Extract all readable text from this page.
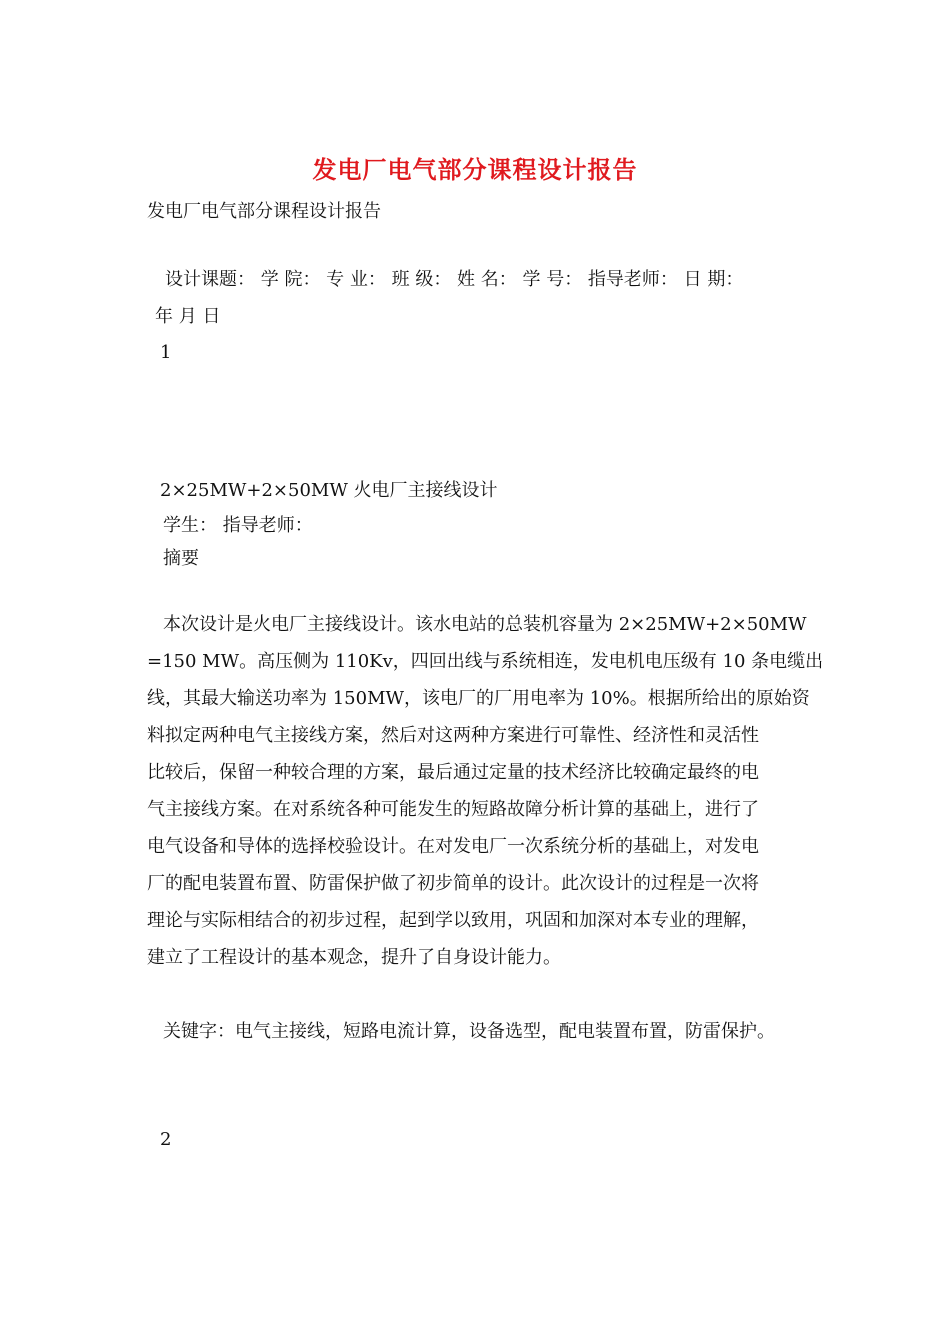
发电厂电气部分课程设计报告

发电厂电气部分课程设计报告

设计课题： 学 院： 专 业： 班 级： 姓 名： 学 号： 指导老师： 日 期：

年 月 日

1

2×25MW+2×50MW 火电厂主接线设计

学生： 指导老师：

摘要

本次设计是火电厂主接线设计。该水电站的总装机容量为 2×25MW+2×50MW
=150 MW。高压侧为 110Kv，四回出线与系统相连，发电机电压级有 10 条电缆出
线，其最大输送功率为 150MW，该电厂的厂用电率为 10%。根据所给出的原始资
料拟定两种电气主接线方案，然后对这两种方案进行可靠性、经济性和灵活性
比较后，保留一种较合理的方案，最后通过定量的技术经济比较确定最终的电
气主接线方案。在对系统各种可能发生的短路故障分析计算的基础上，进行了
电气设备和导体的选择校验设计。在对发电厂一次系统分析的基础上，对发电
厂的配电装置布置、防雷保护做了初步简单的设计。此次设计的过程是一次将
理论与实际相结合的初步过程，起到学以致用，巩固和加深对本专业的理解，
建立了工程设计的基本观念，提升了自身设计能力。

关键字：电气主接线，短路电流计算，设备选型，配电装置布置，防雷保护。

2
